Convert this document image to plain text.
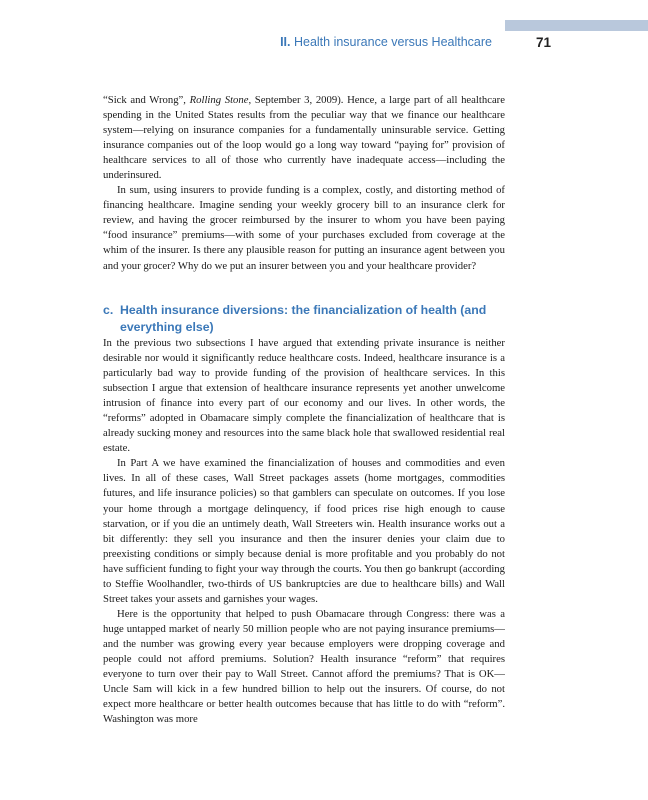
II. Health insurance versus Healthcare	71

“Sick and Wrong”, Rolling Stone, September 3, 2009). Hence, a large part of all healthcare spending in the United States results from the peculiar way that we finance our healthcare system—relying on insurance companies for a fundamentally uninsurable service. Getting insurance companies out of the loop would go a long way toward “paying for” provision of healthcare services to all of those who currently have inadequate access—including the underinsured.

In sum, using insurers to provide funding is a complex, costly, and distorting method of financing healthcare. Imagine sending your weekly grocery bill to an insurance clerk for review, and having the grocer reimbursed by the insurer to whom you have been paying “food insurance” premiums—with some of your purchases excluded from coverage at the whim of the insurer. Is there any plausible reason for putting an insurance agent between you and your grocer? Why do we put an insurer between you and your healthcare provider?

c. Health insurance diversions: the financialization of health (and everything else)

In the previous two subsections I have argued that extending private insurance is neither desirable nor would it significantly reduce healthcare costs. Indeed, healthcare insurance is a particularly bad way to provide funding of the provision of healthcare services. In this subsection I argue that extension of healthcare insurance represents yet another unwelcome intrusion of finance into every part of our economy and our lives. In other words, the “reforms” adopted in Obamacare simply complete the financialization of healthcare that is already sucking money and resources into the same black hole that swallowed residential real estate.

In Part A we have examined the financialization of houses and commodities and even lives. In all of these cases, Wall Street packages assets (home mortgages, commodities futures, and life insurance policies) so that gamblers can speculate on outcomes. If you lose your home through a mortgage delinquency, if food prices rise high enough to cause starvation, or if you die an untimely death, Wall Streeters win. Health insurance works out a bit differently: they sell you insurance and then the insurer denies your claim due to preexisting conditions or simply because denial is more profitable and you probably do not have sufficient funding to fight your way through the courts. You then go bankrupt (according to Steffie Woolhandler, two-thirds of US bankruptcies are due to healthcare bills) and Wall Street takes your assets and garnishes your wages.

Here is the opportunity that helped to push Obamacare through Congress: there was a huge untapped market of nearly 50 million people who are not paying insurance premiums—and the number was growing every year because employers were dropping coverage and people could not afford premiums. Solution? Health insurance “reform” that requires everyone to turn over their pay to Wall Street. Cannot afford the premiums? That is OK—Uncle Sam will kick in a few hundred billion to help out the insurers. Of course, do not expect more healthcare or better health outcomes because that has little to do with “reform”. Washington was more
